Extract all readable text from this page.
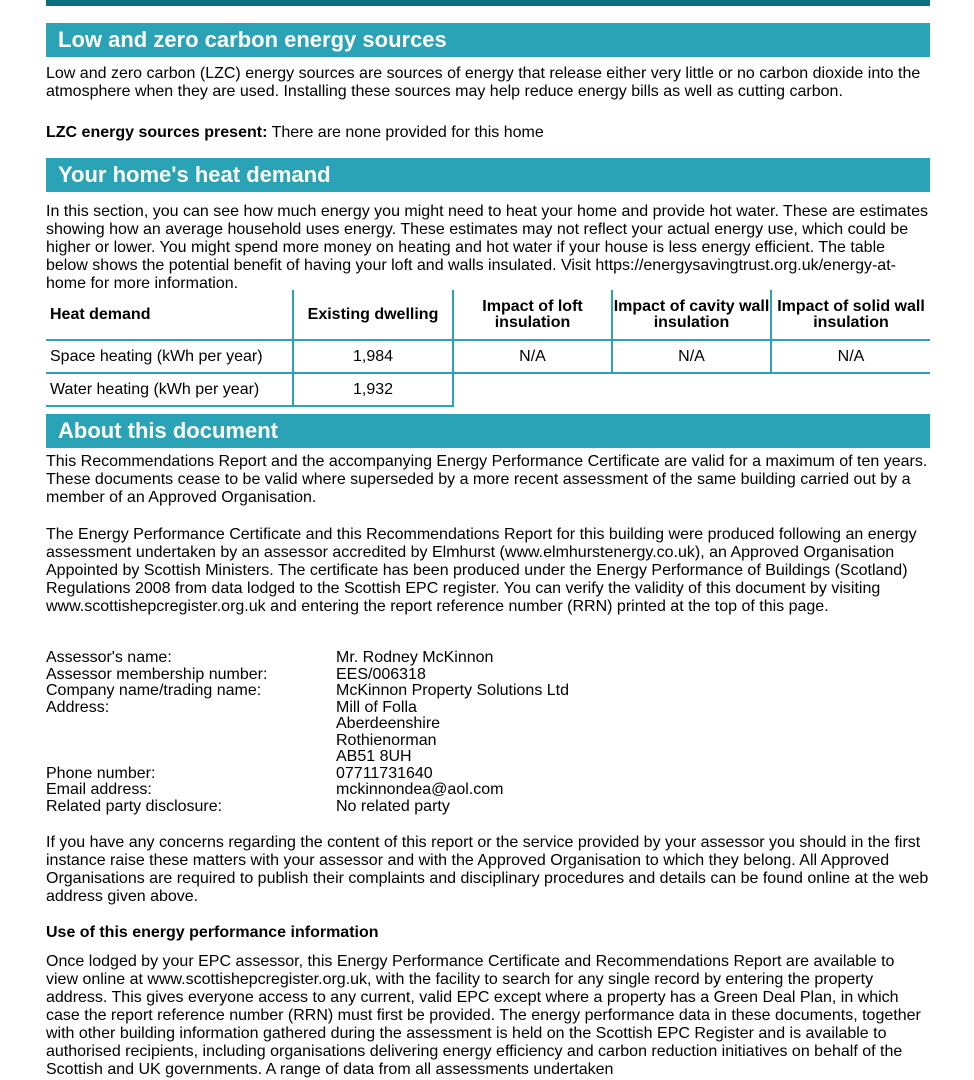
Low and zero carbon energy sources
Low and zero carbon (LZC) energy sources are sources of energy that release either very little or no carbon dioxide into the atmosphere when they are used. Installing these sources may help reduce energy bills as well as cutting carbon.
LZC energy sources present: There are none provided for this home
Your home's heat demand
In this section, you can see how much energy you might need to heat your home and provide hot water. These are estimates showing how an average household uses energy. These estimates may not reflect your actual energy use, which could be higher or lower. You might spend more money on heating and hot water if your house is less energy efficient. The table below shows the potential benefit of having your loft and walls insulated. Visit https://energysavingtrust.org.uk/energy-at-home for more information.
Heat demand	Existing dwelling	Impact of loft insulation	Impact of cavity wall insulation	Impact of solid wall insulation
Space heating (kWh per year)	1,984	N/A	N/A	N/A
Water heating (kWh per year)	1,932			
About this document
This Recommendations Report and the accompanying Energy Performance Certificate are valid for a maximum of ten years. These documents cease to be valid where superseded by a more recent assessment of the same building carried out by a member of an Approved Organisation.
The Energy Performance Certificate and this Recommendations Report for this building were produced following an energy assessment undertaken by an assessor accredited by Elmhurst (www.elmhurstenergy.co.uk), an Approved Organisation Appointed by Scottish Ministers. The certificate has been produced under the Energy Performance of Buildings (Scotland) Regulations 2008 from data lodged to the Scottish EPC register. You can verify the validity of this document by visiting www.scottishepcregister.org.uk and entering the report reference number (RRN) printed at the top of this page.
Assessor's name:	Mr. Rodney McKinnon
Assessor membership number:	EES/006318
Company name/trading name:	McKinnon Property Solutions Ltd
Address:	Mill of Folla
Aberdeenshire
Rothienorman
AB51 8UH
Phone number:	07711731640
Email address:	mckinnondea@aol.com
Related party disclosure:	No related party
If you have any concerns regarding the content of this report or the service provided by your assessor you should in the first instance raise these matters with your assessor and with the Approved Organisation to which they belong. All Approved Organisations are required to publish their complaints and disciplinary procedures and details can be found online at the web address given above.
Use of this energy performance information
Once lodged by your EPC assessor, this Energy Performance Certificate and Recommendations Report are available to view online at www.scottishepcregister.org.uk, with the facility to search for any single record by entering the property address. This gives everyone access to any current, valid EPC except where a property has a Green Deal Plan, in which case the report reference number (RRN) must first be provided. The energy performance data in these documents, together with other building information gathered during the assessment is held on the Scottish EPC Register and is available to authorised recipients, including organisations delivering energy efficiency and carbon reduction initiatives on behalf of the Scottish and UK governments. A range of data from all assessments undertaken
